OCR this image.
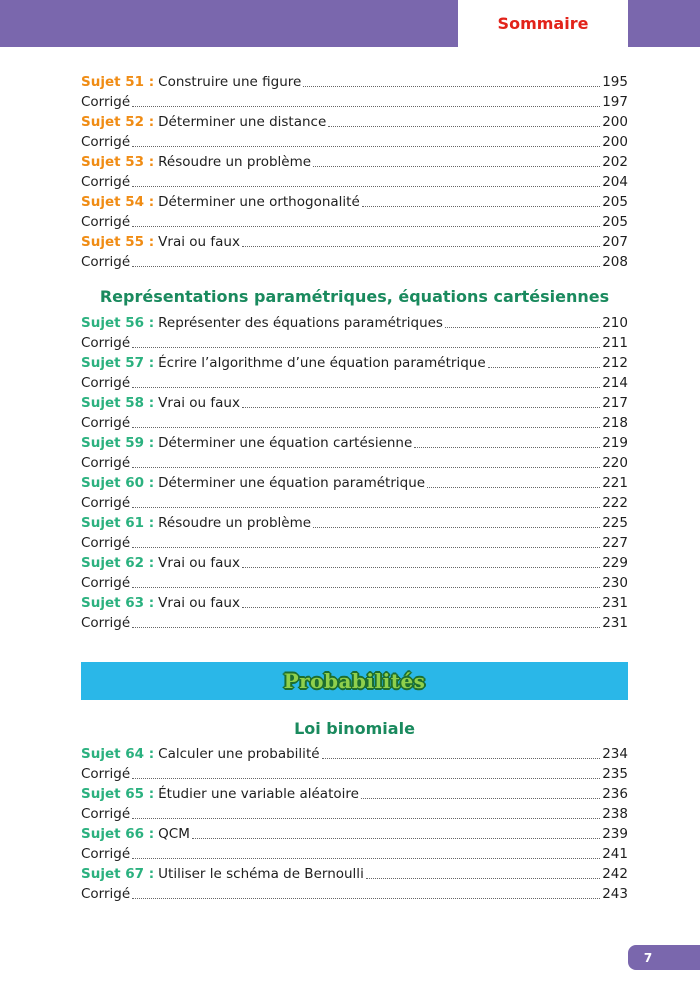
Sommaire
Sujet 51 : Construire une figure	195
Corrigé	197
Sujet 52 : Déterminer une distance	200
Corrigé	200
Sujet 53 : Résoudre un problème	202
Corrigé	204
Sujet 54 : Déterminer une orthogonalité	205
Corrigé	205
Sujet 55 : Vrai ou faux	207
Corrigé	208
Représentations paramétriques, équations cartésiennes
Sujet 56 : Représenter des équations paramétriques	210
Corrigé	211
Sujet 57 : Écrire l’algorithme d’une équation paramétrique	212
Corrigé	214
Sujet 58 : Vrai ou faux	217
Corrigé	218
Sujet 59 : Déterminer une équation cartésienne	219
Corrigé	220
Sujet 60 : Déterminer une équation paramétrique	221
Corrigé	222
Sujet 61 : Résoudre un problème	225
Corrigé	227
Sujet 62 : Vrai ou faux	229
Corrigé	230
Sujet 63 : Vrai ou faux	231
Corrigé	231
Probabilités
Loi binomiale
Sujet 64 : Calculer une probabilité	234
Corrigé	235
Sujet 65 : Étudier une variable aléatoire	236
Corrigé	238
Sujet 66 : QCM	239
Corrigé	241
Sujet 67 : Utiliser le schéma de Bernoulli	242
Corrigé	243
7
